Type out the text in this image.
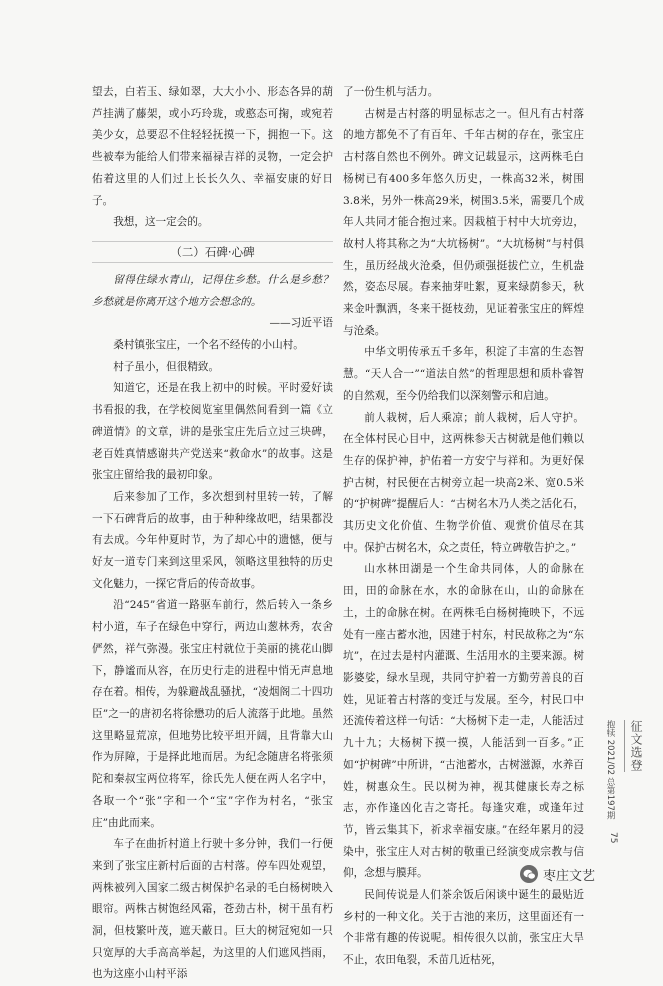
望去，白若玉、绿如翠，大大小小、形态各异的葫芦挂满了藤架，或小巧玲珑，或憨态可掬，或宛若美少女，总要忍不住轻轻抚摸一下，拥抱一下。这些被奉为能给人们带来福禄吉祥的灵物，一定会护佑着这里的人们过上长长久久、幸福安康的好日子。

我想，这一定会的。

（二）石碑·心碑

留得住绿水青山，记得住乡愁。什么是乡愁？乡愁就是你离开这个地方会想念的。

——习近平语

桑村镇张宝庄，一个名不经传的小山村。

村子虽小，但很精致。

知道它，还是在我上初中的时候。平时爱好读书看报的我，在学校阅览室里偶然间看到一篇《立碑道情》的文章，讲的是张宝庄先后立过三块碑，老百姓真情感谢共产党送来“救命水”的故事。这是张宝庄留给我的最初印象。

后来参加了工作，多次想到村里转一转，了解一下石碑背后的故事，由于种种缘故吧，结果都没有去成。今年仲夏时节，为了却心中的遗憾，便与好友一道专门来到这里采风，领略这里独特的历史文化魅力，一探它背后的传奇故事。

沿“245”省道一路驱车前行，然后转入一条乡村小道，车子在绿色中穿行，两边山葱林秀，农舍俨然，祥气弥漫。张宝庄村就位于美丽的挑花山脚下，静谧而从容，在历史行走的进程中悄无声息地存在着。相传，为躲避战乱骚扰，“凌烟阁二十四功臣”之一的唐初名将徐懋功的后人流落于此地。虽然这里略显荒凉，但地势比较平坦开阔，且背靠大山作为屏障，于是择此地而居。为纪念随唐名将张须陀和秦叔宝两位将军，徐氏先人便在两人名字中，各取一个“张”字和一个“宝”字作为村名，“张宝庄”由此而来。

车子在曲折村道上行驶十多分钟，我们一行便来到了张宝庄新村后面的古村落。停车四处观望，两株被列入国家二级古树保护名录的毛白杨树映入眼帘。两株古树饱经风霜，苍劲古朴，树干虽有朽洞，但枝繁叶茂，遮天蔽日。巨大的树冠宛如一只只宽厚的大手高高举起，为这里的人们遮风挡雨，也为这座小山村平添

了一份生机与活力。

古树是古村落的明显标志之一。但凡有古村落的地方都免不了有百年、千年古树的存在，张宝庄古村落自然也不例外。碑文记载显示，这两株毛白杨树已有400多年悠久历史，一株高32米，树围3.8米，另外一株高29米，树围3.5米，需要几个成年人共同才能合抱过来。因栽植于村中大坑旁边，故村人将其称之为“大坑杨树”。“大坑杨树”与村俱生，虽历经战火沧桑，但仍顽强挺拔伫立，生机盎然，姿态尽展。春来抽芽吐絮，夏来绿荫参天，秋来金叶飘洒，冬来干挺枝劲，见证着张宝庄的辉煌与沧桑。

中华文明传承五千多年，积淀了丰富的生态智慧。“天人合一”“道法自然”的哲理思想和质朴睿智的自然观，至今仍给我们以深刻警示和启迪。

前人栽树，后人乘凉；前人栽树，后人守护。在全体村民心目中，这两株参天古树就是他们赖以生存的保护神，护佑着一方安宁与祥和。为更好保护古树，村民便在古树旁立起一块高2米、宽0.5米的“护树碑”提醒后人：“古树名木乃人类之活化石，其历史文化价值、生物学价值、观赏价值尽在其中。保护古树名木，众之责任，特立碑敬告护之。”

山水林田湖是一个生命共同体，人的命脉在田，田的命脉在水，水的命脉在山，山的命脉在土，土的命脉在树。在两株毛白杨树掩映下，不远处有一座古蓄水池，因建于村东，村民故称之为“东坑”，在过去是村内灌溉、生活用水的主要来源。树影婆娑，绿水呈现，共同守护着一方勤劳善良的百姓，见证着古村落的变迁与发展。至今，村民口中还流传着这样一句话：“大杨树下走一走，人能活过九十九；大杨树下摸一摸，人能活到一百多。”正如“护树碑”中所讲，“古池蓄水，古树滋源，水养百姓，树惠众生。民以树为神，视其健康长寿之标志，亦作逢凶化吉之寄托。每逢灾难，或逢年过节，皆云集其下，祈求幸福安康。”在经年累月的浸染中，张宝庄人对古树的敬重已经演变成宗教与信仰，念想与膜拜。

民间传说是人们茶余饭后闲谈中诞生的最贴近乡村的一种文化。关于古池的来历，这里面还有一个非常有趣的传说呢。相传很久以前，张宝庄大旱不止，农田龟裂，禾苗几近枯死，

征文选登
抱犊 2021/02 总第197期
75
枣庄文艺
